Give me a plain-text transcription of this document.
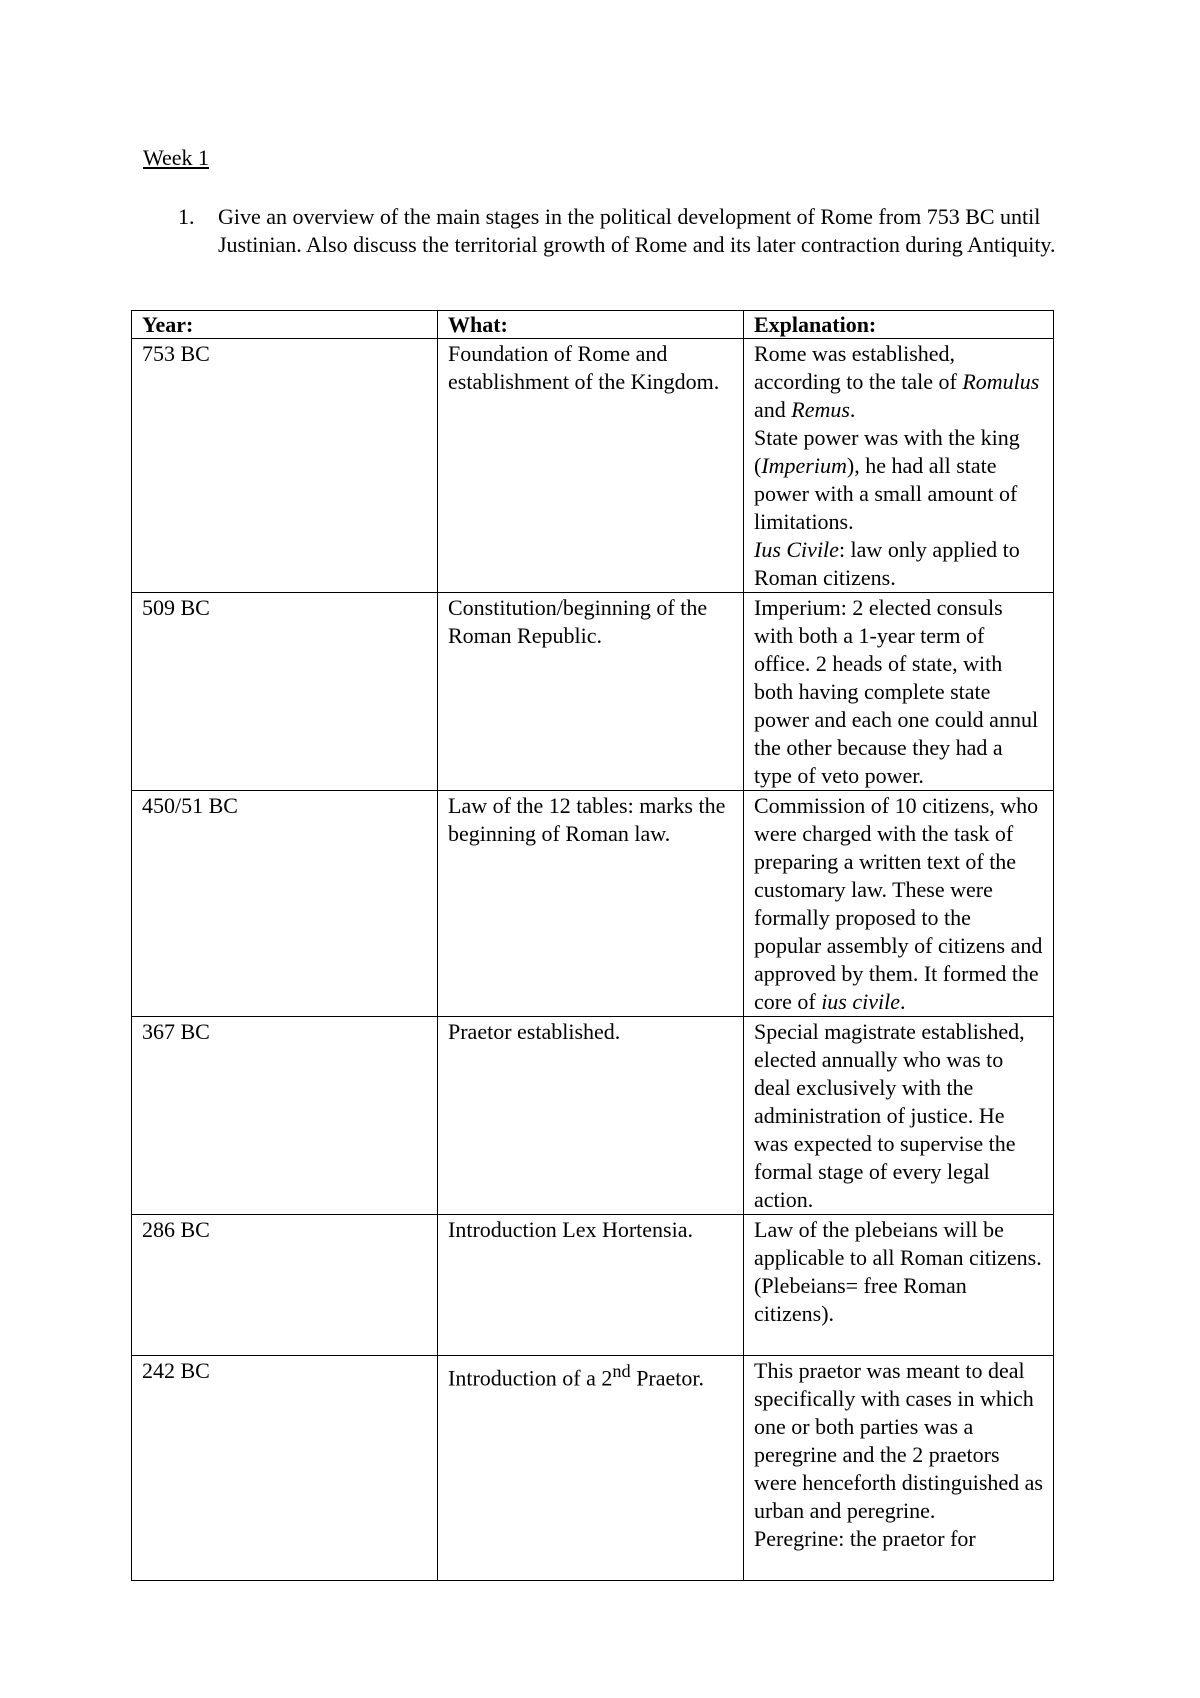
Week 1
1. Give an overview of the main stages in the political development of Rome from 753 BC until Justinian. Also discuss the territorial growth of Rome and its later contraction during Antiquity.
Year:	What:	Explanation:
753 BC	Foundation of Rome and establishment of the Kingdom.	Rome was established, according to the tale of Romulus and Remus.
State power was with the king (Imperium), he had all state power with a small amount of limitations.
Ius Civile: law only applied to Roman citizens.

509 BC	Constitution/beginning of the Roman Republic.	Imperium: 2 elected consuls with both a 1-year term of office. 2 heads of state, with both having complete state power and each one could annul the other because they had a type of veto power.
450/51 BC	Law of the 12 tables: marks the beginning of Roman law.	Commission of 10 citizens, who were charged with the task of preparing a written text of the customary law. These were formally proposed to the popular assembly of citizens and approved by them. It formed the core of ius civile.
367 BC	Praetor established.	Special magistrate established, elected annually who was to deal exclusively with the administration of justice. He was expected to supervise the formal stage of every legal action.
286 BC	Introduction Lex Hortensia.	Law of the plebeians will be applicable to all Roman citizens.
(Plebeians= free Roman citizens).

242 BC	Introduction of a 2nd Praetor.	This praetor was meant to deal specifically with cases in which one or both parties was a peregrine and the 2 praetors were henceforth distinguished as urban and peregrine.
Peregrine: the praetor for
